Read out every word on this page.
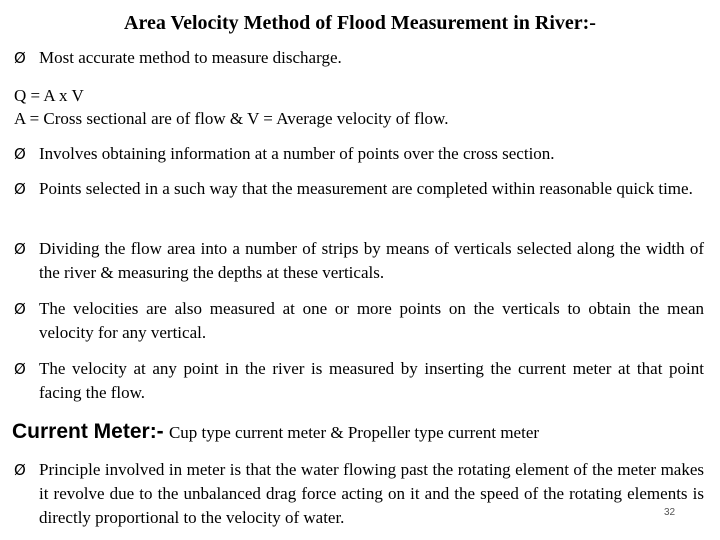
Area Velocity Method of Flood Measurement in River:-
Ø Most accurate method to measure discharge.
Q = A x V
A = Cross sectional are of flow & V = Average velocity of flow.
Ø Involves obtaining information at a number of points over the cross section.
Ø Points selected in a such way that the measurement are completed within reasonable quick time.
Ø Dividing the flow area into a number of strips by means of verticals selected along the width of the river & measuring the depths at these verticals.
Ø The velocities are also measured at one or more points on the verticals to obtain the mean velocity for any vertical.
Ø The velocity at any point in the river is measured by inserting the current meter at that point facing the flow.
Current Meter:- Cup type current meter & Propeller type current meter
Ø Principle involved in meter is that the water flowing past the rotating element of the meter makes it revolve due to the unbalanced drag force acting on it and the speed of the rotating elements is directly proportional to the velocity of water.	32
